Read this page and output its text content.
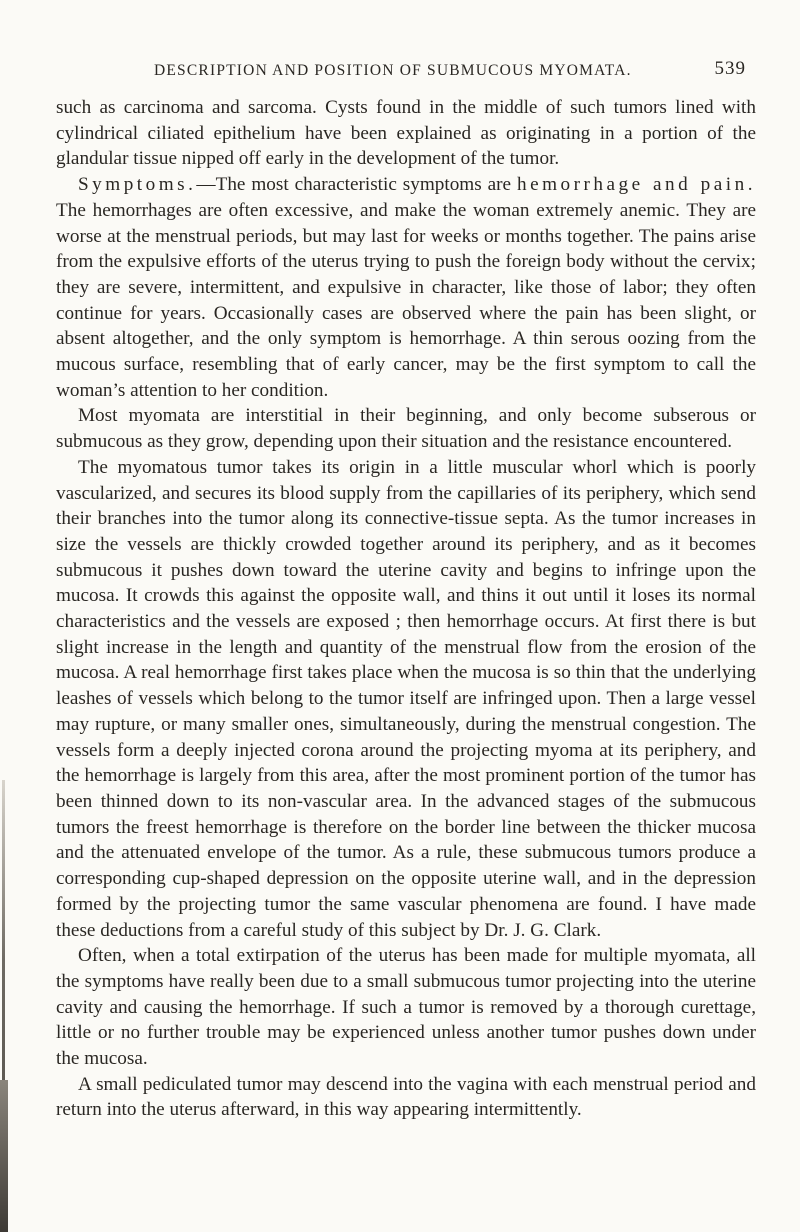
DESCRIPTION AND POSITION OF SUBMUCOUS MYOMATA.	539

such as carcinoma and sarcoma. Cysts found in the middle of such tumors lined with cylindrical ciliated epithelium have been explained as originating in a portion of the glandular tissue nipped off early in the development of the tumor.

Symptoms.—The most characteristic symptoms are hemorrhage and pain. The hemorrhages are often excessive, and make the woman extremely anemic. They are worse at the menstrual periods, but may last for weeks or months together. The pains arise from the expulsive efforts of the uterus trying to push the foreign body without the cervix; they are severe, intermittent, and expulsive in character, like those of labor; they often continue for years. Occasionally cases are observed where the pain has been slight, or absent altogether, and the only symptom is hemorrhage. A thin serous oozing from the mucous surface, resembling that of early cancer, may be the first symptom to call the woman’s attention to her condition.

Most myomata are interstitial in their beginning, and only become subserous or submucous as they grow, depending upon their situation and the resistance encountered.

The myomatous tumor takes its origin in a little muscular whorl which is poorly vascularized, and secures its blood supply from the capillaries of its periphery, which send their branches into the tumor along its connective-tissue septa. As the tumor increases in size the vessels are thickly crowded together around its periphery, and as it becomes submucous it pushes down toward the uterine cavity and begins to infringe upon the mucosa. It crowds this against the opposite wall, and thins it out until it loses its normal characteristics and the vessels are exposed ; then hemorrhage occurs. At first there is but slight increase in the length and quantity of the menstrual flow from the erosion of the mucosa. A real hemorrhage first takes place when the mucosa is so thin that the underlying leashes of vessels which belong to the tumor itself are infringed upon. Then a large vessel may rupture, or many smaller ones, simultaneously, during the menstrual congestion. The vessels form a deeply injected corona around the projecting myoma at its periphery, and the hemorrhage is largely from this area, after the most prominent portion of the tumor has been thinned down to its non-vascular area. In the advanced stages of the submucous tumors the freest hemorrhage is therefore on the border line between the thicker mucosa and the attenuated envelope of the tumor. As a rule, these submucous tumors produce a corresponding cup-shaped depression on the opposite uterine wall, and in the depression formed by the projecting tumor the same vascular phenomena are found. I have made these deductions from a careful study of this subject by Dr. J. G. Clark.

Often, when a total extirpation of the uterus has been made for multiple myomata, all the symptoms have really been due to a small submucous tumor projecting into the uterine cavity and causing the hemorrhage. If such a tumor is removed by a thorough curettage, little or no further trouble may be experienced unless another tumor pushes down under the mucosa.

A small pediculated tumor may descend into the vagina with each menstrual period and return into the uterus afterward, in this way appearing intermittently.
